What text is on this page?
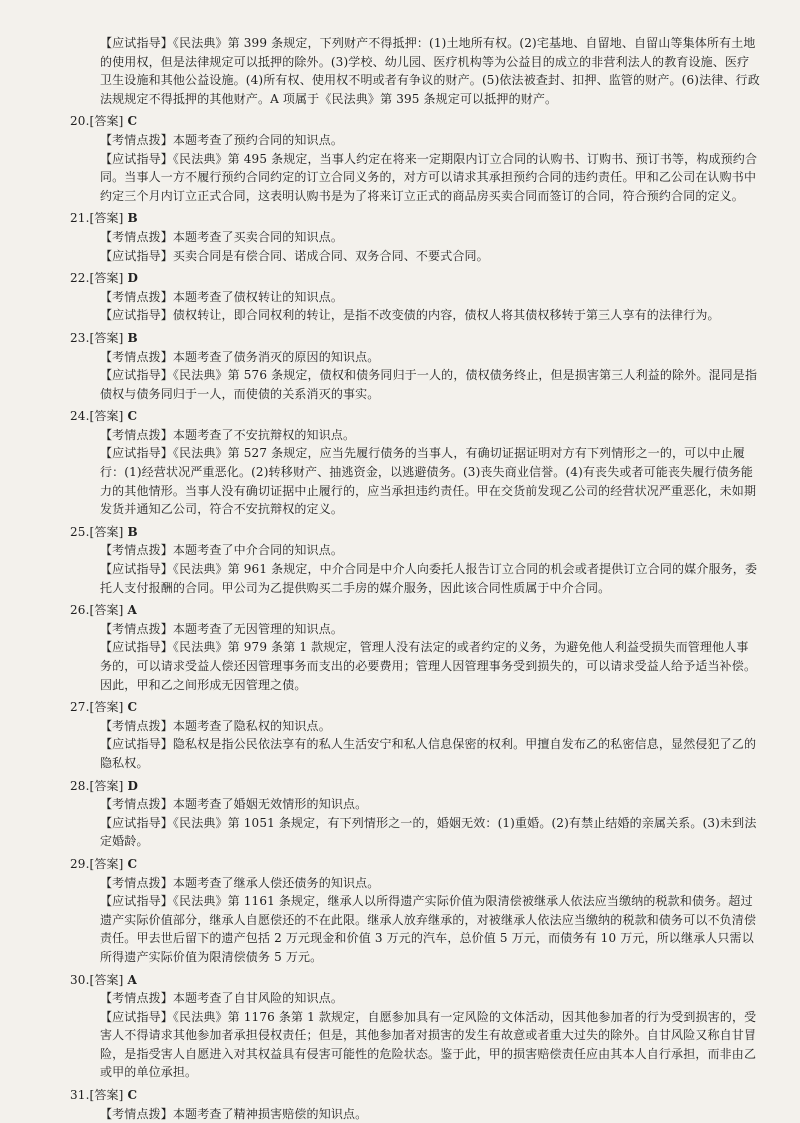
【应试指导】《民法典》第 399 条规定，下列财产不得抵押：(1)土地所有权。(2)宅基地、自留地、自留山等集体所有土地的使用权，但是法律规定可以抵押的除外。(3)学校、幼儿园、医疗机构等为公益目的成立的非营利法人的教育设施、医疗卫生设施和其他公益设施。(4)所有权、使用权不明或者有争议的财产。(5)依法被查封、扣押、监管的财产。(6)法律、行政法规规定不得抵押的其他财产。A 项属于《民法典》第 395 条规定可以抵押的财产。
20.[答案] C
【考情点拨】本题考查了预约合同的知识点。
【应试指导】《民法典》第 495 条规定，当事人约定在将来一定期限内订立合同的认购书、订购书、预订书等，构成预约合同。当事人一方不履行预约合同约定的订立合同义务的，对方可以请求其承担预约合同的违约责任。甲和乙公司在认购书中约定三个月内订立正式合同，这表明认购书是为了将来订立正式的商品房买卖合同而签订的合同，符合预约合同的定义。
21.[答案] B
【考情点拨】本题考查了买卖合同的知识点。
【应试指导】买卖合同是有偿合同、诺成合同、双务合同、不要式合同。
22.[答案] D
【考情点拨】本题考查了债权转让的知识点。
【应试指导】债权转让，即合同权利的转让，是指不改变债的内容，债权人将其债权移转于第三人享有的法律行为。
23.[答案] B
【考情点拨】本题考查了债务消灭的原因的知识点。
【应试指导】《民法典》第 576 条规定，债权和债务同归于一人的，债权债务终止，但是损害第三人利益的除外。混同是指债权与债务同归于一人，而使债的关系消灭的事实。
24.[答案] C
【考情点拨】本题考查了不安抗辩权的知识点。
【应试指导】《民法典》第 527 条规定，应当先履行债务的当事人，有确切证据证明对方有下列情形之一的，可以中止履行：(1)经营状况严重恶化。(2)转移财产、抽逃资金，以逃避债务。(3)丧失商业信誉。(4)有丧失或者可能丧失履行债务能力的其他情形。当事人没有确切证据中止履行的，应当承担违约责任。甲在交货前发现乙公司的经营状况严重恶化，未如期发货并通知乙公司，符合不安抗辩权的定义。
25.[答案] B
【考情点拨】本题考查了中介合同的知识点。
【应试指导】《民法典》第 961 条规定，中介合同是中介人向委托人报告订立合同的机会或者提供订立合同的媒介服务，委托人支付报酬的合同。甲公司为乙提供购买二手房的媒介服务，因此该合同性质属于中介合同。
26.[答案] A
【考情点拨】本题考查了无因管理的知识点。
【应试指导】《民法典》第 979 条第 1 款规定，管理人没有法定的或者约定的义务，为避免他人利益受损失而管理他人事务的，可以请求受益人偿还因管理事务而支出的必要费用；管理人因管理事务受到损失的，可以请求受益人给予适当补偿。因此，甲和乙之间形成无因管理之债。
27.[答案] C
【考情点拨】本题考查了隐私权的知识点。
【应试指导】隐私权是指公民依法享有的私人生活安宁和私人信息保密的权利。甲擅自发布乙的私密信息，显然侵犯了乙的隐私权。
28.[答案] D
【考情点拨】本题考查了婚姻无效情形的知识点。
【应试指导】《民法典》第 1051 条规定，有下列情形之一的，婚姻无效：(1)重婚。(2)有禁止结婚的亲属关系。(3)未到法定婚龄。
29.[答案] C
【考情点拨】本题考查了继承人偿还债务的知识点。
【应试指导】《民法典》第 1161 条规定，继承人以所得遗产实际价值为限清偿被继承人依法应当缴纳的税款和债务。超过遗产实际价值部分，继承人自愿偿还的不在此限。继承人放弃继承的，对被继承人依法应当缴纳的税款和债务可以不负清偿责任。甲去世后留下的遗产包括 2 万元现金和价值 3 万元的汽车，总价值 5 万元，而债务有 10 万元，所以继承人只需以所得遗产实际价值为限清偿债务 5 万元。
30.[答案] A
【考情点拨】本题考查了自甘风险的知识点。
【应试指导】《民法典》第 1176 条第 1 款规定，自愿参加具有一定风险的文体活动，因其他参加者的行为受到损害的，受害人不得请求其他参加者承担侵权责任；但是，其他参加者对损害的发生有故意或者重大过失的除外。自甘风险又称自甘冒险，是指受害人自愿进入对其权益具有侵害可能性的危险状态。鉴于此，甲的损害赔偿责任应由其本人自行承担，而非由乙或甲的单位承担。
31.[答案] C
【考情点拨】本题考查了精神损害赔偿的知识点。
